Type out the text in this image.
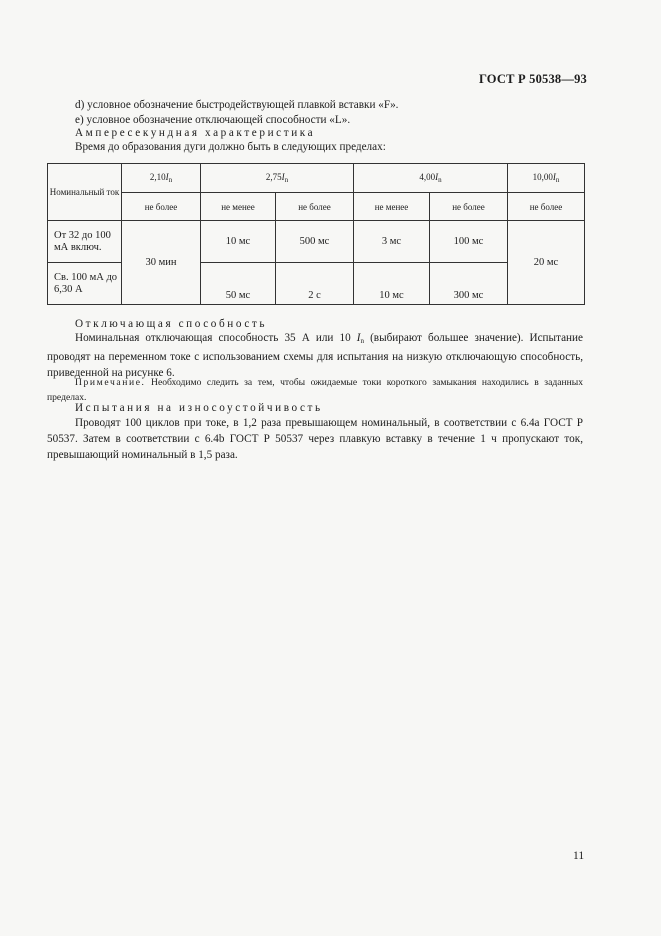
ГОСТ Р 50538—93
d) условное обозначение быстродействующей плавкой вставки «F».
e) условное обозначение отключающей способности «L».
Ампересекундная характеристика
Время до образования дуги должно быть в следующих пределах:
Номинальный ток	$2,10I_n$	$2,75I_n$		$4,00I_n$		$10,00I_n$
	не более	не менее	не более	не менее	не более	не более
От 32 до 100 мА включ.	30 мин	10 мс	500 мс	3 мс	100 мс	20 мс
Св. 100 мА до 6,30 А		50 мс	2 с	10 мс	300 мс	
Отключающая способность
Номинальная отключающая способность 35 А или 10 $I_n$ (выбирают большее значение). Испытание проводят на переменном токе с использованием схемы для испытания на низкую отключающую способность, приведенной на рисунке 6.
Примечание. Необходимо следить за тем, чтобы ожидаемые токи короткого замыкания находились в заданных пределах.
Испытания на износоустойчивость
Проводят 100 циклов при токе, в 1,2 раза превышающем номинальный, в соответствии с 6.4а ГОСТ Р 50537. Затем в соответствии с 6.4b ГОСТ Р 50537 через плавкую вставку в течение 1 ч пропускают ток, превышающий номинальный в 1,5 раза.
11
